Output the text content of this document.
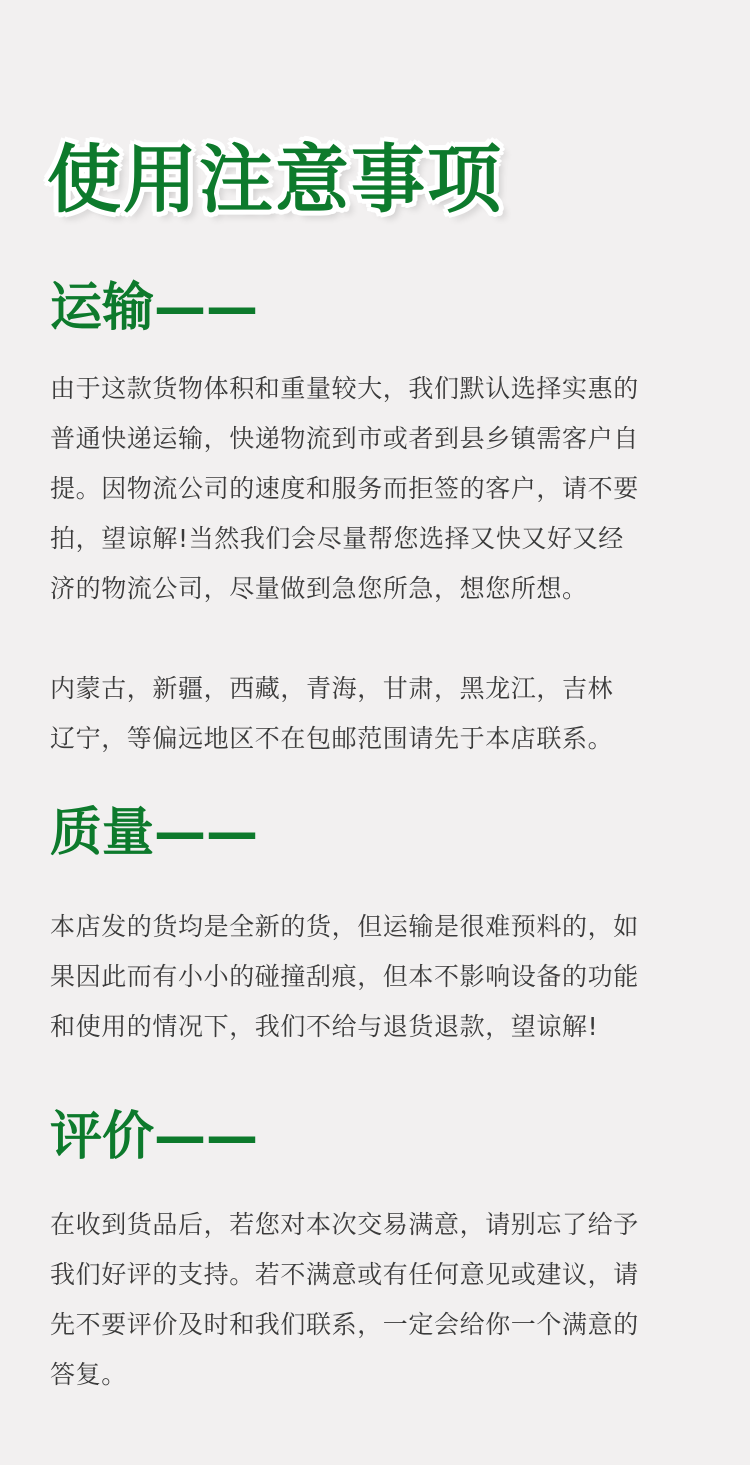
使用注意事项
运输——

由于这款货物体积和重量较大，我们默认选择实惠的
普通快递运输，快递物流到市或者到县乡镇需客户自
提。因物流公司的速度和服务而拒签的客户，请不要
拍，望谅解!当然我们会尽量帮您选择又快又好又经
济的物流公司，尽量做到急您所急，想您所想。

内蒙古，新疆，西藏，青海，甘肃，黑龙江，吉林
辽宁，等偏远地区不在包邮范围请先于本店联系。

质量——

本店发的货均是全新的货，但运输是很难预料的，如
果因此而有小小的碰撞刮痕，但本不影响设备的功能
和使用的情况下，我们不给与退货退款，望谅解!

评价——

在收到货品后，若您对本次交易满意，请别忘了给予
我们好评的支持。若不满意或有任何意见或建议，请
先不要评价及时和我们联系，一定会给你一个满意的
答复。
